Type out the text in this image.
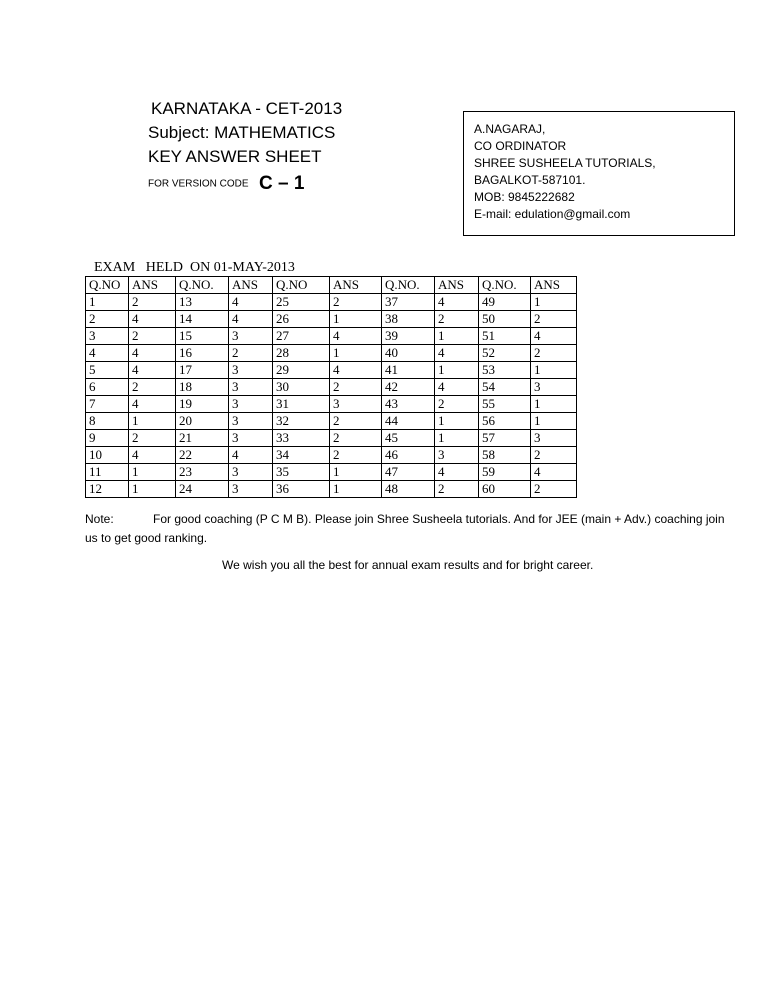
KARNATAKA - CET-2013
Subject: MATHEMATICS
KEY ANSWER SHEET
FOR VERSION CODE C – 1
A.NAGARAJ,
CO ORDINATOR
SHREE SUSHEELA TUTORIALS,
BAGALKOT-587101.
MOB: 9845222682
E-mail: edulation@gmail.com
EXAM   HELD  ON 01-MAY-2013
Q.NO	ANS	Q.NO.	ANS	Q.NO	ANS	Q.NO.	ANS	Q.NO.	ANS
1	2	13	4	25	2	37	4	49	1
2	4	14	4	26	1	38	2	50	2
3	2	15	3	27	4	39	1	51	4
4	4	16	2	28	1	40	4	52	2
5	4	17	3	29	4	41	1	53	1
6	2	18	3	30	2	42	4	54	3
7	4	19	3	31	3	43	2	55	1
8	1	20	3	32	2	44	1	56	1
9	2	21	3	33	2	45	1	57	3
10	4	22	4	34	2	46	3	58	2
11	1	23	3	35	1	47	4	59	4
12	1	24	3	36	1	48	2	60	2
Note:	For good coaching (P C M B). Please join Shree Susheela tutorials. And for JEE (main + Adv.) coaching join us to get good ranking.
We wish you all the best for annual exam results and for bright career.
